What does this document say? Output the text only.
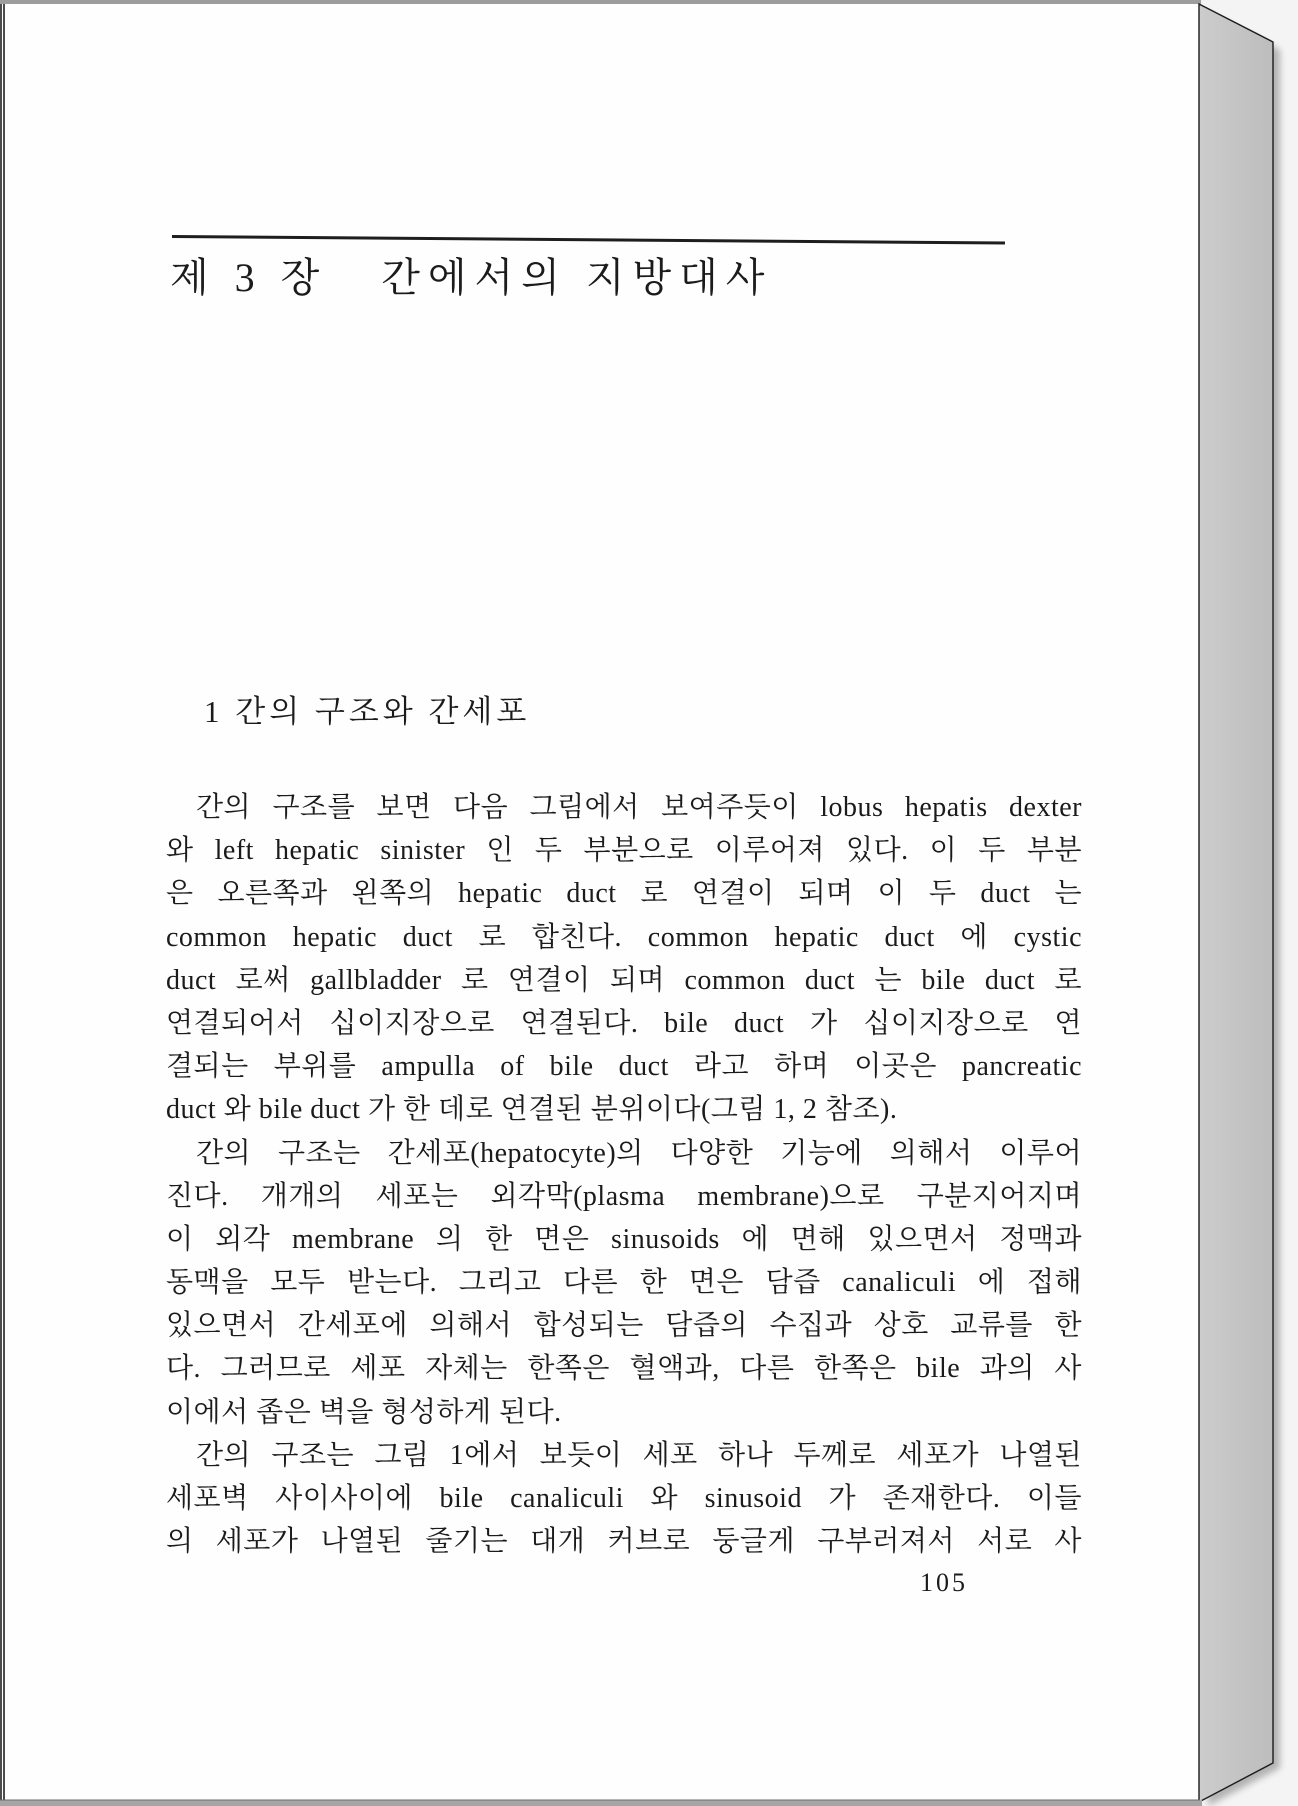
제 3 장   간에서의 지방대사
1 간의 구조와 간세포
간의 구조를 보면 다음 그림에서 보여주듯이 lobus hepatis dexter
와 left hepatic sinister 인 두 부분으로 이루어져 있다. 이 두 부분
은 오른쪽과 왼쪽의 hepatic duct 로 연결이 되며 이 두 duct 는
common hepatic duct 로 합친다. common hepatic duct 에 cystic
duct 로써 gallbladder 로 연결이 되며 common duct 는 bile duct 로
연결되어서 십이지장으로 연결된다. bile duct 가 십이지장으로 연
결되는 부위를 ampulla of bile duct 라고 하며 이곳은 pancreatic
duct 와 bile duct 가 한 데로 연결된 분위이다(그림 1, 2 참조).
간의 구조는 간세포(hepatocyte)의 다양한 기능에 의해서 이루어
진다. 개개의 세포는 외각막(plasma membrane)으로 구분지어지며
이 외각 membrane 의 한 면은 sinusoids 에 면해 있으면서 정맥과
동맥을 모두 받는다. 그리고 다른 한 면은 담즙 canaliculi 에 접해
있으면서 간세포에 의해서 합성되는 담즙의 수집과 상호 교류를 한
다. 그러므로 세포 자체는 한쪽은 혈액과, 다른 한쪽은 bile 과의 사
이에서 좁은 벽을 형성하게 된다.
간의 구조는 그림 1에서 보듯이 세포 하나 두께로 세포가 나열된
세포벽 사이사이에 bile canaliculi 와 sinusoid 가 존재한다. 이들
의 세포가 나열된 줄기는 대개 커브로 둥글게 구부러져서 서로 사
105
